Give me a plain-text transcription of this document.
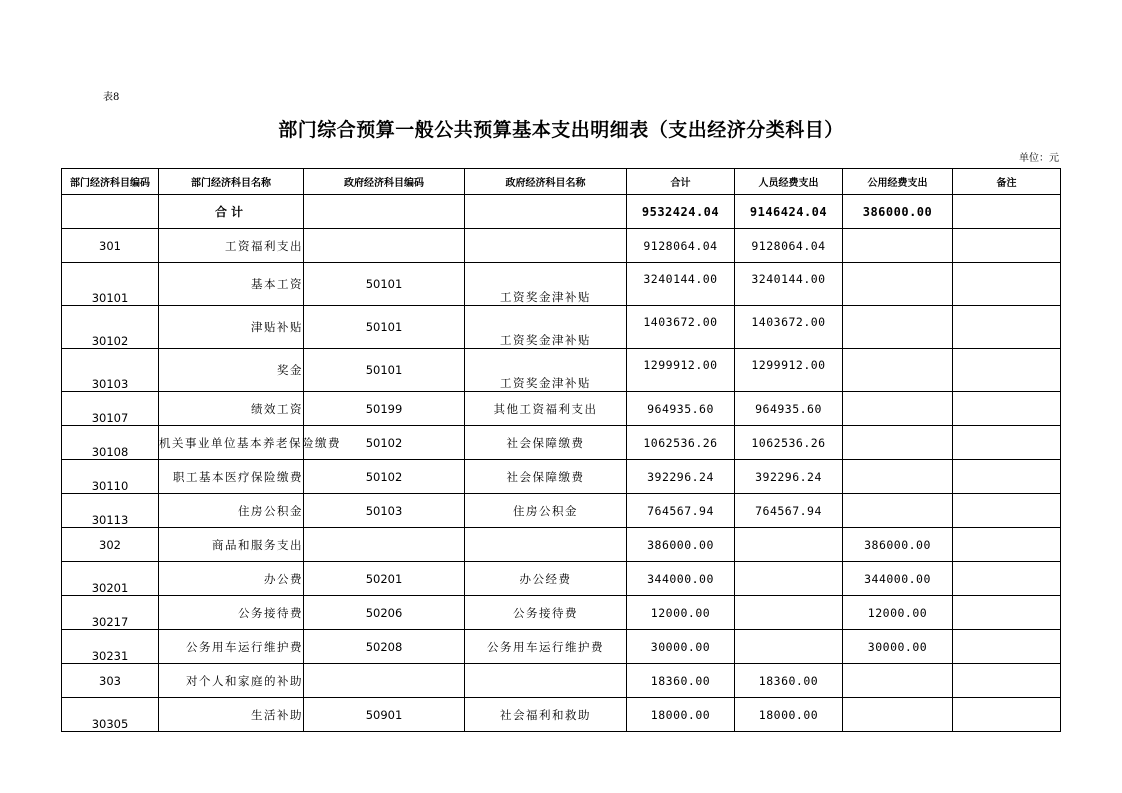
表8
部门综合预算一般公共预算基本支出明细表（支出经济分类科目）
单位：元
部门经济科目编码	部门经济科目名称	政府经济科目编码	政府经济科目名称	合计	人员经费支出	公用经费支出	备注
	合计			9532424.04	9146424.04	386000.00	
301	工资福利支出			9128064.04	9128064.04		
30101	基本工资	50101	工资奖金津补贴	3240144.00	3240144.00		
30102	津贴补贴	50101	工资奖金津补贴	1403672.00	1403672.00		
30103	奖金	50101	工资奖金津补贴	1299912.00	1299912.00		
30107	绩效工资	50199	其他工资福利支出	964935.60	964935.60		
30108	机关事业单位基本养老保险缴费	50102	社会保障缴费	1062536.26	1062536.26		
30110	职工基本医疗保险缴费	50102	社会保障缴费	392296.24	392296.24		
30113	住房公积金	50103	住房公积金	764567.94	764567.94		
302	商品和服务支出			386000.00		386000.00	
30201	办公费	50201	办公经费	344000.00		344000.00	
30217	公务接待费	50206	公务接待费	12000.00		12000.00	
30231	公务用车运行维护费	50208	公务用车运行维护费	30000.00		30000.00	
303	对个人和家庭的补助			18360.00	18360.00		
30305	生活补助	50901	社会福利和救助	18000.00	18000.00		
